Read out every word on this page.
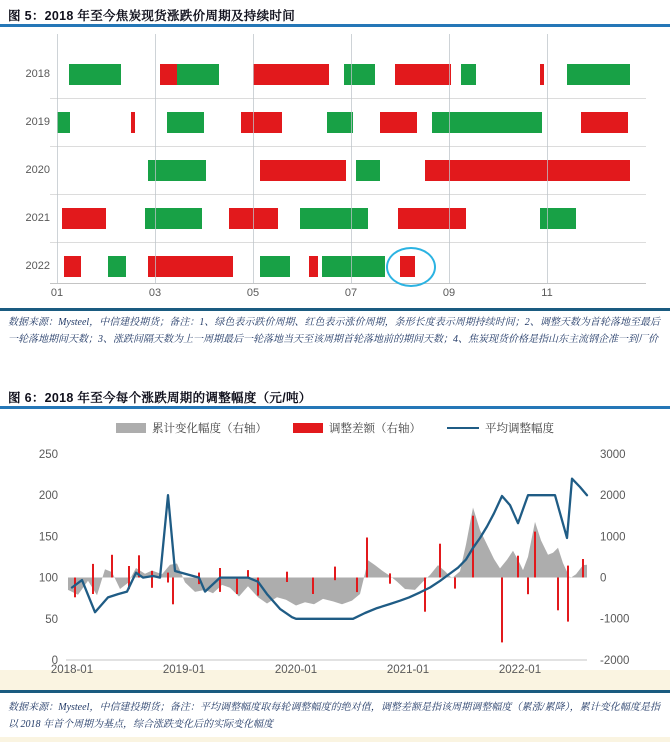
图 5：2018 年至今焦炭现货涨跌价周期及持续时间
2018
2019
2020
2021
2022
01	03	05	07	09	11
数据来源：Mysteel，中信建投期货；备注：1、绿色表示跌价周期、红色表示涨价周期，条形长度表示周期持续时间；2、调整天数为首轮落地至最后一轮落地期间天数；3、涨跌间隔天数为上一周期最后一轮落地当天至该周期首轮落地前的期间天数；4、焦炭现货价格是指山东主流钢企准一到厂价
图 6：2018 年至今每个涨跌周期的调整幅度（元/吨）
累计变化幅度（右轴）	调整差额（右轴）	平均调整幅度
0
50
100
150
200
250
-2000
-1000
0
1000
2000
3000
2018-01	2019-01	2020-01	2021-01	2022-01
数据来源：Mysteel，中信建投期货；备注：平均调整幅度取每轮调整幅度的绝对值，调整差额是指该周期调整幅度（累涨/累降），累计变化幅度是指以 2018 年首个周期为基点，综合涨跌变化后的实际变化幅度
